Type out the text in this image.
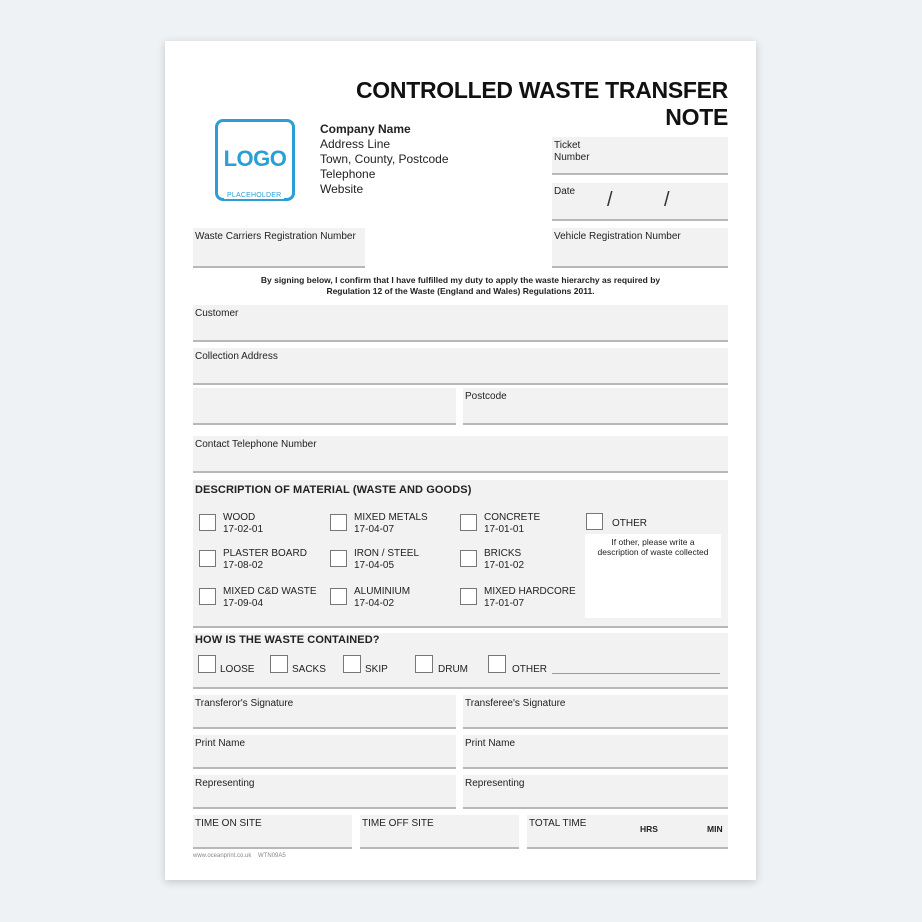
CONTROLLED WASTE TRANSFER NOTE
LOGO
PLACEHOLDER
Company Name
Address Line
Town, County, Postcode
Telephone
Website
Ticket
Number
Date /	/
Waste Carriers Registration Number	Vehicle Registration Number
By signing below, I confirm that I have fulfilled my duty to apply the waste hierarchy as required by
Regulation 12 of the Waste (England and Wales) Regulations 2011.
Customer
Collection Address
Postcode
Contact Telephone Number
DESCRIPTION OF MATERIAL (WASTE AND GOODS)
WOOD
17-02-01
MIXED METALS
17-04-07
CONCRETE
17-01-01
PLASTER BOARD
17-08-02
IRON / STEEL
17-04-05
BRICKS
17-01-02
MIXED C&D WASTE
17-09-04
ALUMINIUM
17-04-02
MIXED HARDCORE
17-01-07
OTHER
If other, please write a
description of waste collected
HOW IS THE WASTE CONTAINED?
LOOSE	SACKS	SKIP	DRUM	OTHER
Transferor's Signature	Transferee's Signature
Print Name	Print Name
Representing	Representing
TIME ON SITE	TIME OFF SITE	TOTAL TIME	HRS	MIN
www.oceanprint.co.uk WTN09A5
